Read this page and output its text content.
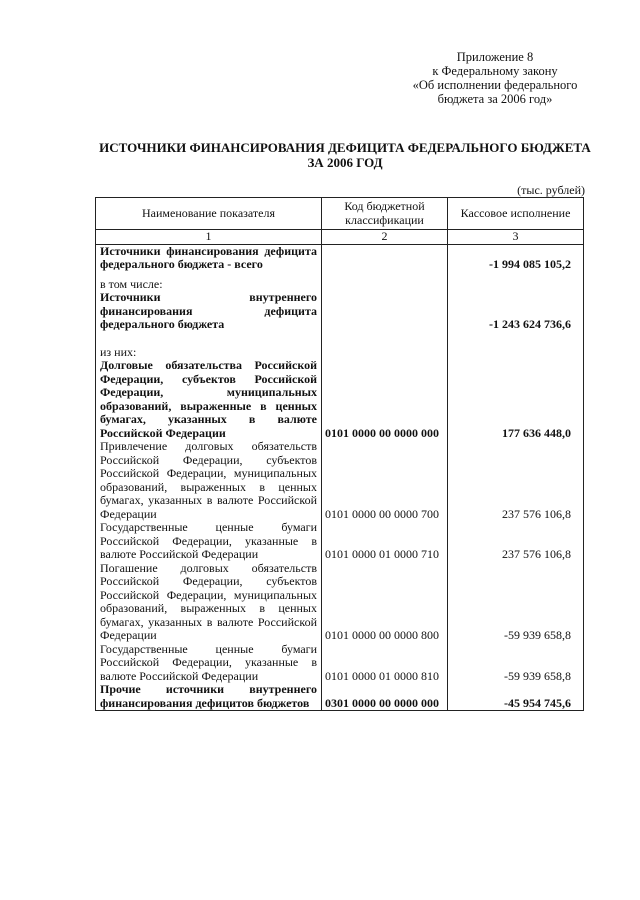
Приложение 8
к Федеральному закону
«Об исполнении федерального
бюджета за 2006 год»
ИСТОЧНИКИ ФИНАНСИРОВАНИЯ ДЕФИЦИТА ФЕДЕРАЛЬНОГО БЮДЖЕТА
ЗА 2006 ГОД
(тыс. рублей)
Наименование показателя	Код бюджетной классификации	Кассовое исполнение
1	2	3
Источники финансирования дефицита федерального бюджета - всего		-1 994 085 105,2
в том числе:		
Источники внутреннего финансирования дефицита федерального бюджета		-1 243 624 736,6
из них:		
Долговые обязательства Российской Федерации, субъектов Российской Федерации, муниципальных образований, выраженные в ценных бумагах, указанных в валюте Российской Федерации	0101 0000 00 0000 000	177 636 448,0
Привлечение долговых обязательств Российской Федерации, субъектов Российской Федерации, муниципальных образований, выраженных в ценных бумагах, указанных в валюте Российской Федерации	0101 0000 00 0000 700	237 576 106,8
Государственные ценные бумаги Российской Федерации, указанные в валюте Российской Федерации	0101 0000 01 0000 710	237 576 106,8
Погашение долговых обязательств Российской Федерации, субъектов Российской Федерации, муниципальных образований, выраженных в ценных бумагах, указанных в валюте Российской Федерации	0101 0000 00 0000 800	-59 939 658,8
Государственные ценные бумаги Российской Федерации, указанные в валюте Российской Федерации	0101 0000 01 0000 810	-59 939 658,8
Прочие источники внутреннего финансирования дефицитов бюджетов	0301 0000 00 0000 000	-45 954 745,6
